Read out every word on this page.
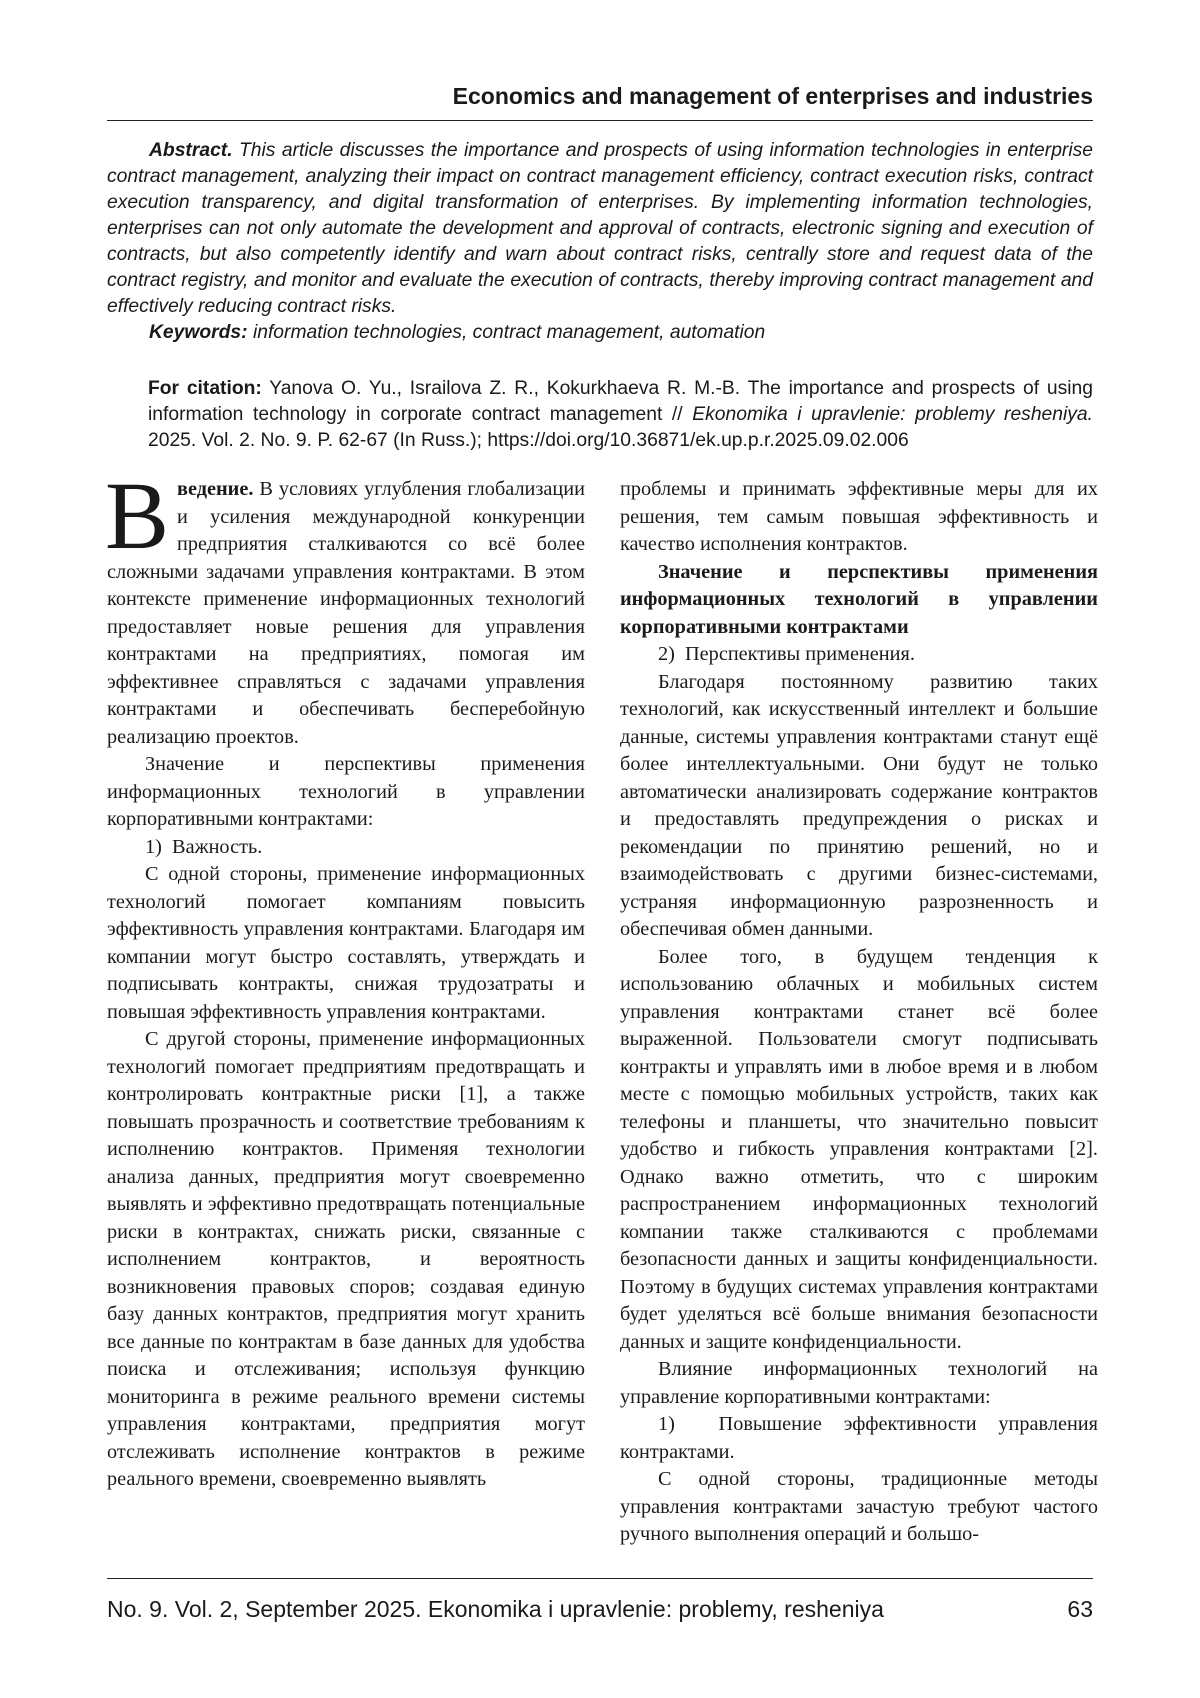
Economics and management of enterprises and industries

Abstract. This article discusses the importance and prospects of using information technologies in enterprise contract management, analyzing their impact on contract management efficiency, contract execution risks, contract execution transparency, and digital transformation of enterprises. By implementing information technologies, enterprises can not only automate the development and approval of contracts, electronic signing and execution of contracts, but also competently identify and warn about contract risks, centrally store and request data of the contract registry, and monitor and evaluate the execution of contracts, thereby improving contract management and effectively reducing contract risks.

Keywords: information technologies, contract management, automation

For citation: Yanova O. Yu., Israilova Z. R., Kokurkhaeva R. M.-B. The importance and prospects of using information technology in corporate contract management // Ekonomika i upravlenie: problemy resheniya. 2025. Vol. 2. No. 9. P. 62-67 (In Russ.); https://doi.org/10.36871/ek.up.p.r.2025.09.02.006

Введение. В условиях углубления глобализации и усиления международной конкуренции предприятия сталкиваются со всё более сложными задачами управления контрактами. В этом контексте применение информационных технологий предоставляет новые решения для управления контрактами на предприятиях, помогая им эффективнее справляться с задачами управления контрактами и обеспечивать бесперебойную реализацию проектов.

Значение и перспективы применения информационных технологий в управлении корпоративными контрактами:

1)  Важность.

С одной стороны, применение информационных технологий помогает компаниям повысить эффективность управления контрактами. Благодаря им компании могут быстро составлять, утверждать и подписывать контракты, снижая трудозатраты и повышая эффективность управления контрактами.

С другой стороны, применение информационных технологий помогает предприятиям предотвращать и контролировать контрактные риски [1], а также повышать прозрачность и соответствие требованиям к исполнению контрактов. Применяя технологии анализа данных, предприятия могут своевременно выявлять и эффективно предотвращать потенциальные риски в контрактах, снижать риски, связанные с исполнением контрактов, и вероятность возникновения правовых споров; создавая единую базу данных контрактов, предприятия могут хранить все данные по контрактам в базе данных для удобства поиска и отслеживания; используя функцию мониторинга в режиме реального времени системы управления контрактами, предприятия могут отслеживать исполнение контрактов в режиме реального времени, своевременно выявлять

проблемы и принимать эффективные меры для их решения, тем самым повышая эффективность и качество исполнения контрактов.

Значение и перспективы применения информационных технологий в управлении корпоративными контрактами

2)  Перспективы применения.

Благодаря постоянному развитию таких технологий, как искусственный интеллект и большие данные, системы управления контрактами станут ещё более интеллектуальными. Они будут не только автоматически анализировать содержание контрактов и предоставлять предупреждения о рисках и рекомендации по принятию решений, но и взаимодействовать с другими бизнес-системами, устраняя информационную разрозненность и обеспечивая обмен данными.

Более того, в будущем тенденция к использованию облачных и мобильных систем управления контрактами станет всё более выраженной. Пользователи смогут подписывать контракты и управлять ими в любое время и в любом месте с помощью мобильных устройств, таких как телефоны и планшеты, что значительно повысит удобство и гибкость управления контрактами [2]. Однако важно отметить, что с широким распространением информационных технологий компании также сталкиваются с проблемами безопасности данных и защиты конфиденциальности. Поэтому в будущих системах управления контрактами будет уделяться всё больше внимания безопасности данных и защите конфиденциальности.

Влияние информационных технологий на управление корпоративными контрактами:

1)  Повышение эффективности управления контрактами.

С одной стороны, традиционные методы управления контрактами зачастую требуют частого ручного выполнения операций и большо-

No. 9. Vol. 2, September 2025. Ekonomika i upravlenie: problemy, resheniya	63
